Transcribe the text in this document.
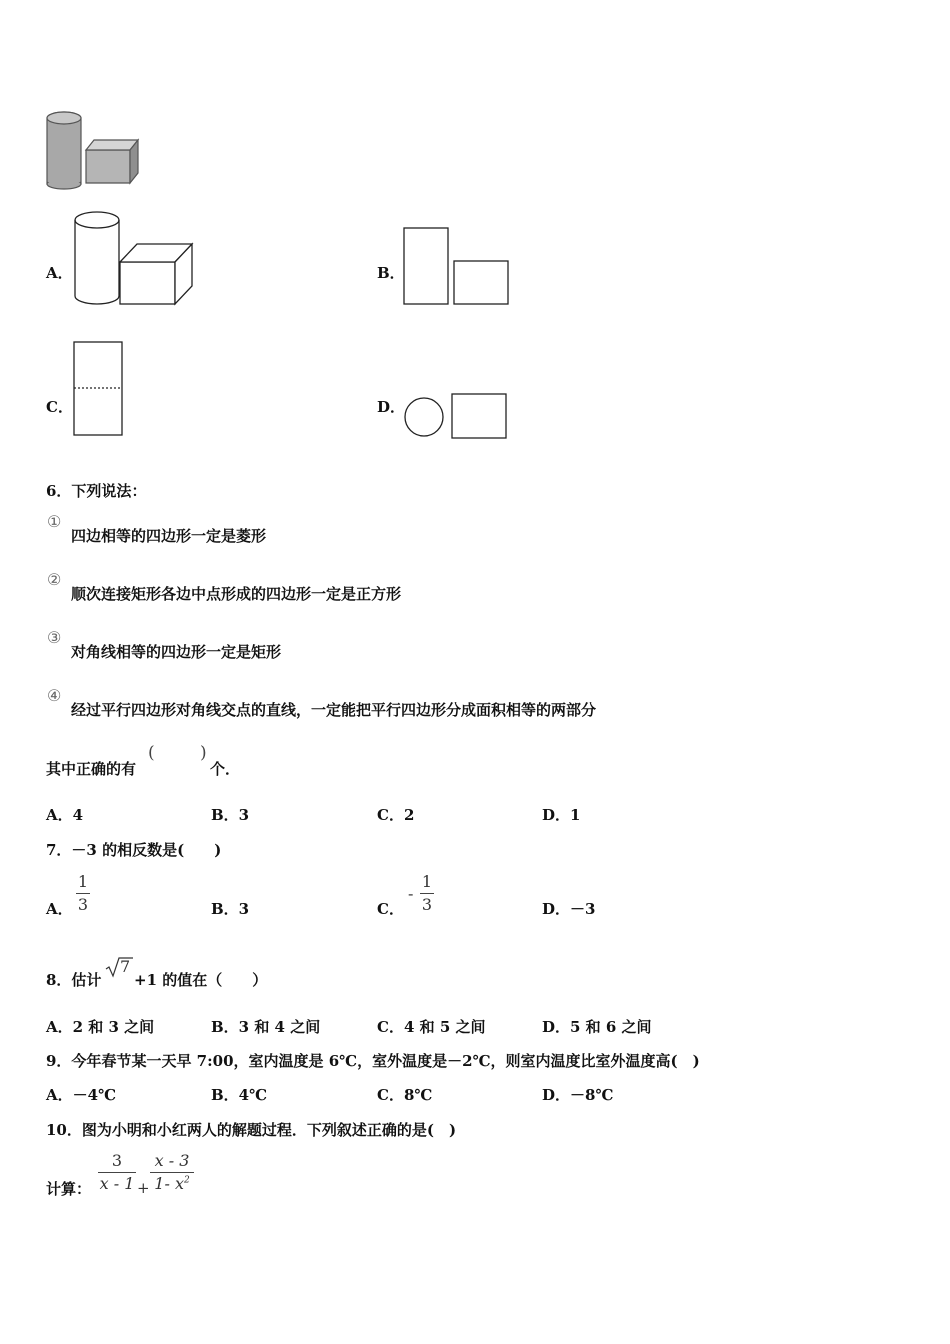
A．	B．
C．	D．
6．下列说法：
①
四边相等的四边形一定是菱形
②
顺次连接矩形各边中点形成的四边形一定是正方形
③
对角线相等的四边形一定是矩形
④
经过平行四边形对角线交点的直线，一定能把平行四边形分成面积相等的两部分
其中正确的有
(	)
个．
A．4	B．3	C．2	D．1
7．－3 的相反数是(　　)
A．
1
3	B．3	C．
-
1
3	D．－3
8．估计
7
+1 的值在（　　）
A．2 和 3 之间	B．3 和 4 之间	C．4 和 5 之间	D．5 和 6 之间
9．今年春节某一天早 7:00，室内温度是 6℃，室外温度是－2℃，则室内温度比室外温度高(　)
A．－4℃	B．4℃	C．8℃	D．－8℃
10．图为小明和小红两人的解题过程．下列叙述正确的是(　)
计算：
3
x - 1 +
x - 3
1- $x^2$
